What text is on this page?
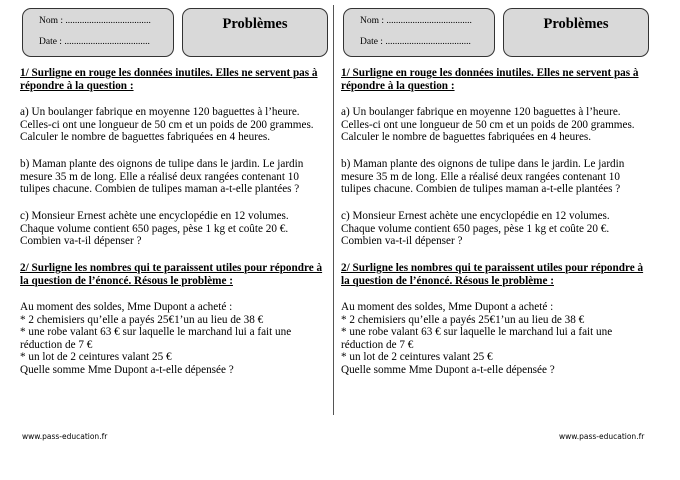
Nom : ....................................
Date : ....................................
Problèmes

1/ Surligne en rouge les données inutiles. Elles ne servent pas à

répondre à la question :

a) Un boulanger fabrique en moyenne 120 baguettes à l’heure.

Celles-ci ont une longueur de 50 cm et un poids de 200 grammes.

Calculer le nombre de baguettes fabriquées en 4 heures.

b) Maman plante des oignons de tulipe dans le jardin. Le jardin

mesure 35 m de long. Elle a réalisé deux rangées contenant 10

tulipes chacune. Combien de tulipes maman a-t-elle plantées ?

c) Monsieur Ernest achète une encyclopédie en 12 volumes.

Chaque volume contient 650 pages, pèse 1 kg et coûte 20 €.

Combien va-t-il dépenser ?

2/ Surligne les nombres qui te paraissent utiles pour répondre à

la question de l’énoncé. Résous le problème :

Au moment des soldes, Mme Dupont a acheté :

* 2 chemisiers qu’elle a payés 25€1’un au lieu de 38 €

* une robe valant 63 € sur laquelle le marchand lui a fait une

réduction de 7 €

* un lot de 2 ceintures valant 25 €

Quelle somme Mme Dupont a-t-elle dépensée ?

Nom : ....................................
Date : ....................................
Problèmes

1/ Surligne en rouge les données inutiles. Elles ne servent pas à

répondre à la question :

a) Un boulanger fabrique en moyenne 120 baguettes à l’heure.

Celles-ci ont une longueur de 50 cm et un poids de 200 grammes.

Calculer le nombre de baguettes fabriquées en 4 heures.

b) Maman plante des oignons de tulipe dans le jardin. Le jardin

mesure 35 m de long. Elle a réalisé deux rangées contenant 10

tulipes chacune. Combien de tulipes maman a-t-elle plantées ?

c) Monsieur Ernest achète une encyclopédie en 12 volumes.

Chaque volume contient 650 pages, pèse 1 kg et coûte 20 €.

Combien va-t-il dépenser ?

2/ Surligne les nombres qui te paraissent utiles pour répondre à

la question de l’énoncé. Résous le problème :

Au moment des soldes, Mme Dupont a acheté :

* 2 chemisiers qu’elle a payés 25€1’un au lieu de 38 €

* une robe valant 63 € sur laquelle le marchand lui a fait une

réduction de 7 €

* un lot de 2 ceintures valant 25 €

Quelle somme Mme Dupont a-t-elle dépensée ?

www.pass-education.fr	www.pass-education.fr
